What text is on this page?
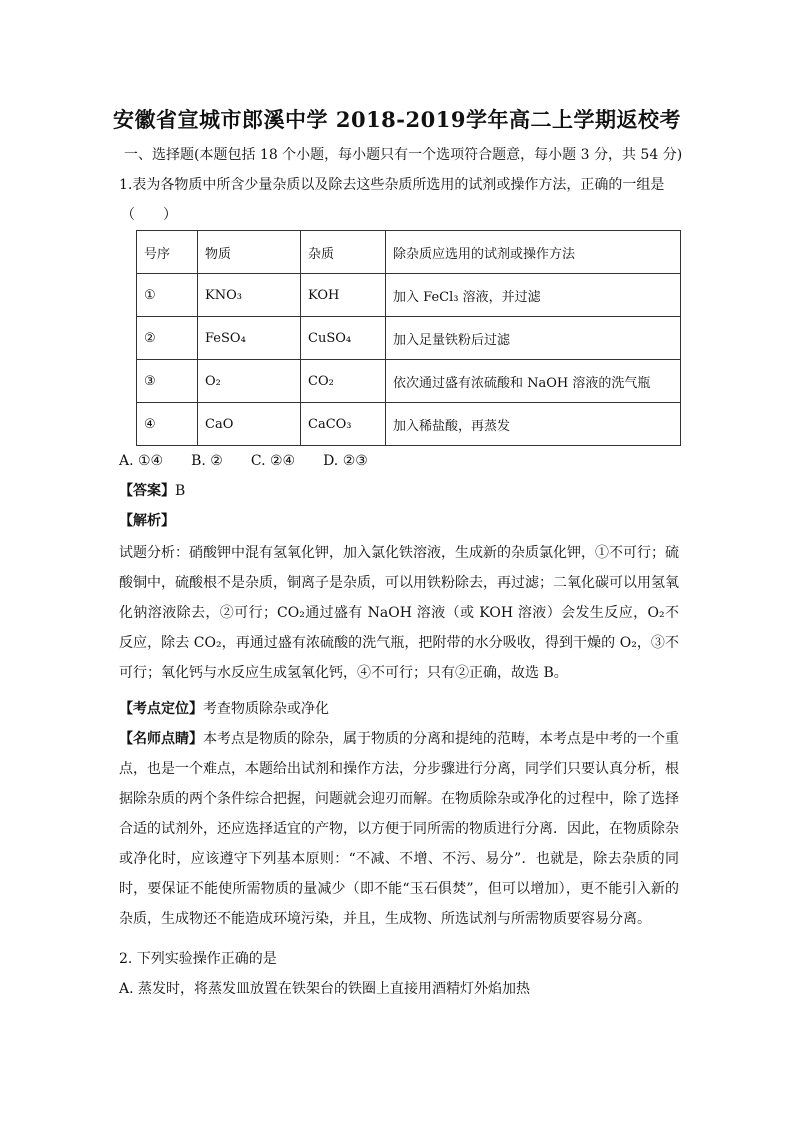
安徽省宣城市郎溪中学 2018-2019学年高二上学期返校考
一、选择题(本题包括 18 个小题，每小题只有一个选项符合题意，每小题 3 分，共 54 分)
1.表为各物质中所含少量杂质以及除去这些杂质所选用的试剂或操作方法，正确的一组是
（　　）
号序	物质	杂质	除杂质应选用的试剂或操作方法
①	KNO₃	KOH	加入 FeCl₃ 溶液，并过滤
②	FeSO₄	CuSO₄	加入足量铁粉后过滤
③	O₂	CO₂	依次通过盛有浓硫酸和 NaOH 溶液的洗气瓶
④	CaO	CaCO₃	加入稀盐酸，再蒸发
A. ①④　　B. ②　　C. ②④　　D. ②③
【答案】B
【解析】
试题分析：硝酸钾中混有氢氧化钾，加入氯化铁溶液，生成新的杂质氯化钾，①不可行；硫酸铜中，硫酸根不是杂质，铜离子是杂质，可以用铁粉除去，再过滤；二氧化碳可以用氢氧化钠溶液除去，②可行；CO₂通过盛有 NaOH 溶液（或 KOH 溶液）会发生反应，O₂不反应，除去 CO₂，再通过盛有浓硫酸的洗气瓶，把附带的水分吸收，得到干燥的 O₂，③不可行；氧化钙与水反应生成氢氧化钙，④不可行；只有②正确，故选 B。
【考点定位】考查物质除杂或净化
【名师点睛】本考点是物质的除杂，属于物质的分离和提纯的范畴，本考点是中考的一个重点，也是一个难点，本题给出试剂和操作方法，分步骤进行分离，同学们只要认真分析，根据除杂质的两个条件综合把握，问题就会迎刃而解。在物质除杂或净化的过程中，除了选择合适的试剂外，还应选择适宜的产物，以方便于同所需的物质进行分离．因此，在物质除杂或净化时，应该遵守下列基本原则：“不减、不增、不污、易分”．也就是，除去杂质的同时，要保证不能使所需物质的量减少（即不能“玉石俱焚”，但可以增加），更不能引入新的杂质，生成物还不能造成环境污染，并且，生成物、所选试剂与所需物质要容易分离。
2. 下列实验操作正确的是
A. 蒸发时，将蒸发皿放置在铁架台的铁圈上直接用酒精灯外焰加热
